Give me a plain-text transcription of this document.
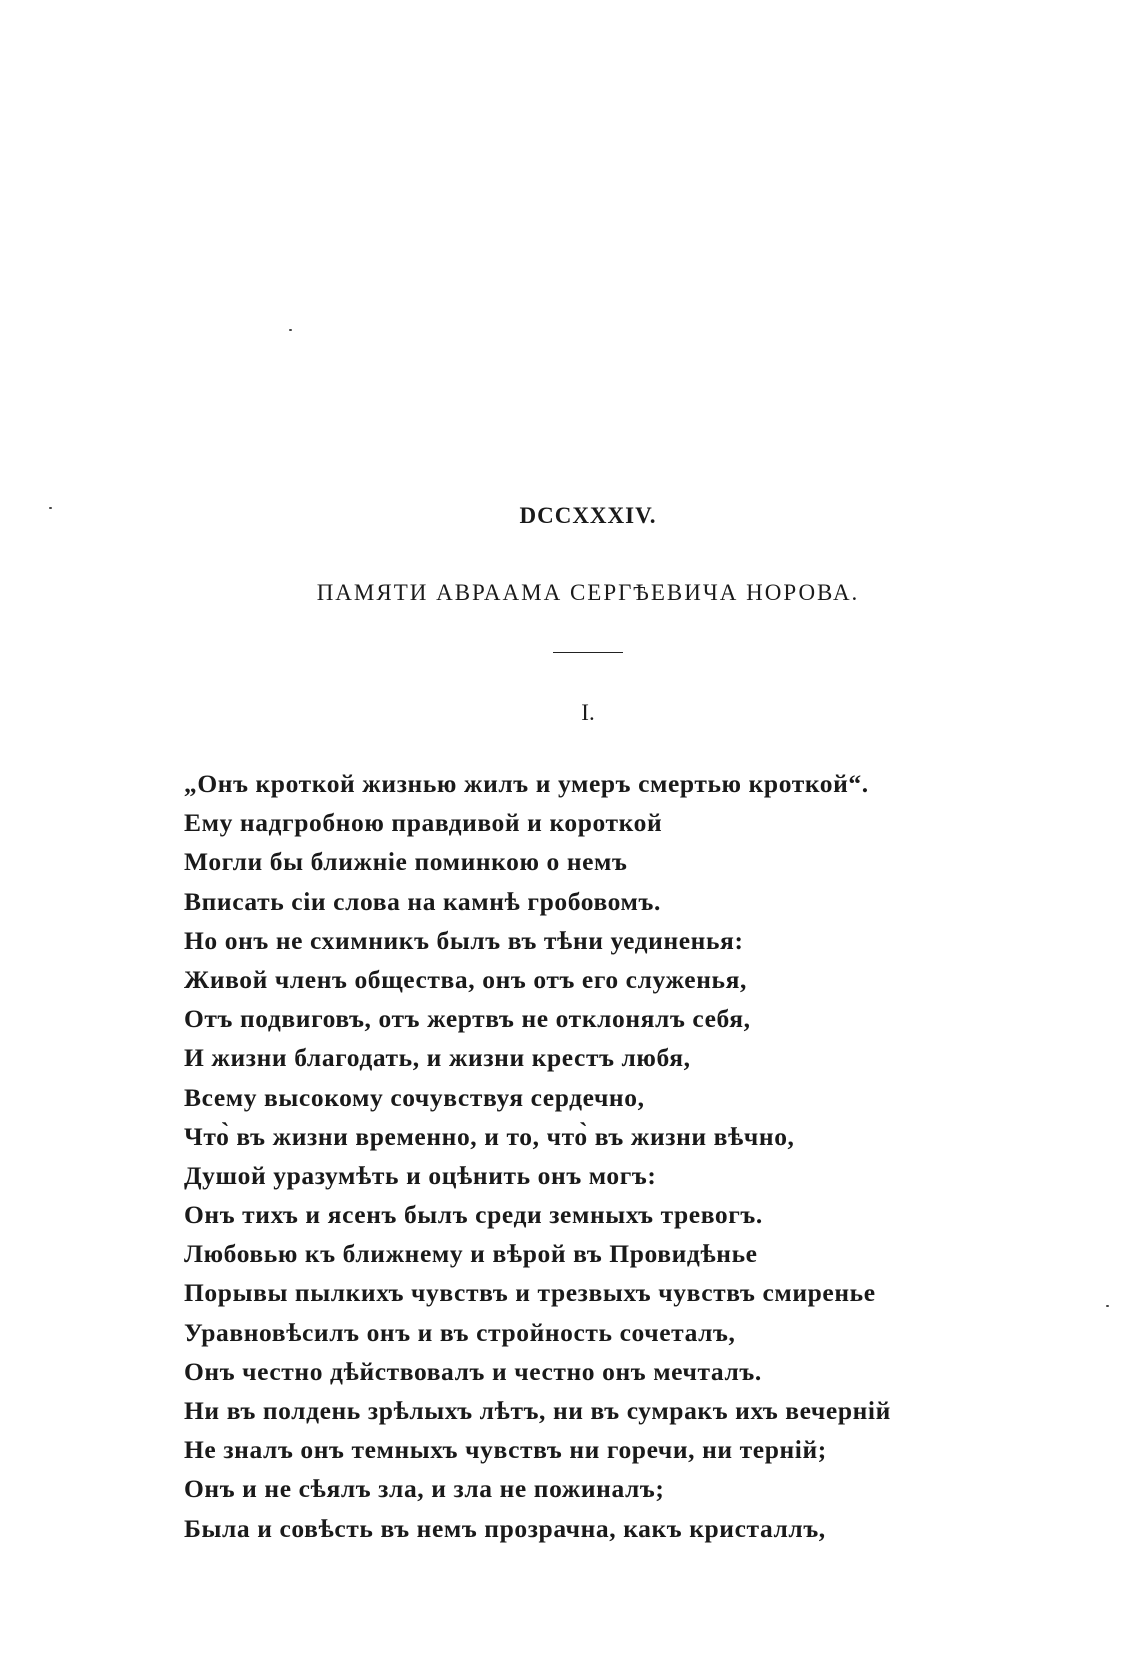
DCCXXXIV.
ПАМЯТИ АВРААМА СЕРГѢЕВИЧА НОРОВА.
I.
„Онъ кроткой жизнью жилъ и умеръ смертью кроткой“.
Ему надгробною правдивой и короткой
Могли бы ближніе поминкою о немъ
Вписать сіи слова на камнѣ гробовомъ.
Но онъ не схимникъ былъ въ тѣни уединенья:
Живой членъ общества, онъ отъ его служенья,
Отъ подвиговъ, отъ жертвъ не отклонялъ себя,
И жизни благодать, и жизни крестъ любя,
Всему высокому сочувствуя сердечно,
Что̀ въ жизни временно, и то, что̀ въ жизни вѣчно,
Душой уразумѣть и оцѣнить онъ могъ:
Онъ тихъ и ясенъ былъ среди земныхъ тревогъ.
Любовью къ ближнему и вѣрой въ Провидѣнье
Порывы пылкихъ чувствъ и трезвыхъ чувствъ смиренье
Уравновѣсилъ онъ и въ стройность сочеталъ,
Онъ честно дѣйствовалъ и честно онъ мечталъ.
Ни въ полдень зрѣлыхъ лѣтъ, ни въ сумракъ ихъ вечерній
Не зналъ онъ темныхъ чувствъ ни горечи, ни терній;
Онъ и не сѣялъ зла, и зла не пожиналъ;
Была и совѣсть въ немъ прозрачна, какъ кристаллъ,
